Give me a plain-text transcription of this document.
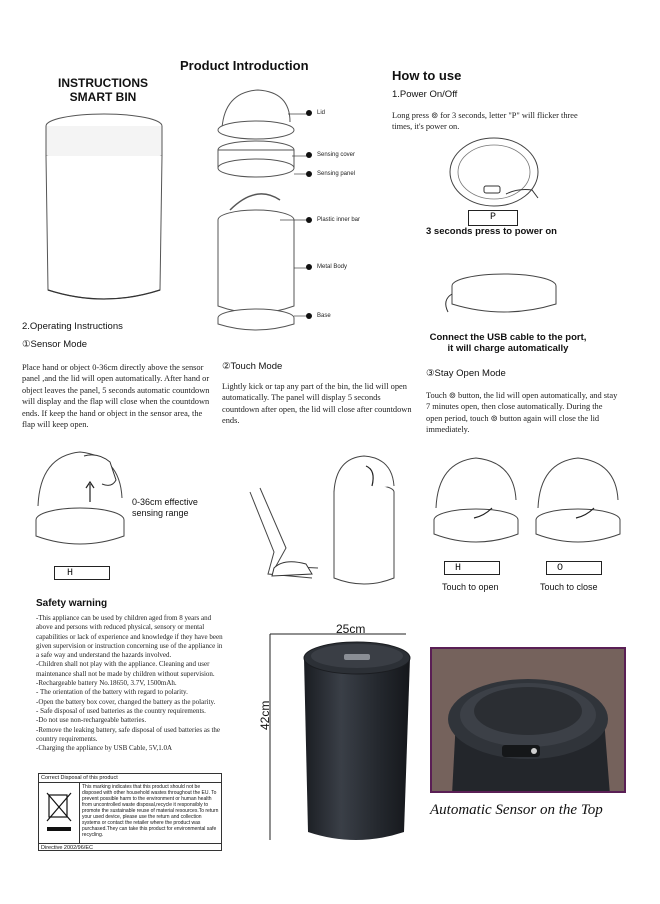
INSTRUCTIONS
SMART BIN
Product Introduction
Lid
Sensing cover
Sensing panel
Plastic inner bar
Metal Body
Base
How to use
1.Power On/Off
Long press ⊚ for 3 seconds, letter "P" will flicker three times, it's power on.
P
3 seconds press to power on
Connect the USB cable to the port, it will charge automatically
2.Operating Instructions
①Sensor Mode
Place hand or object 0-36cm directly above the sensor panel ,and the lid will open automatically. After hand or object leaves the panel, 5 seconds automatic countdown will display and the flap will close when the countdown ends. If keep the hand or object in the sensor area, the flap will keep open.
②Touch Mode
Lightly kick or tap any part of the bin, the lid will open automatically. The panel will display 5 seconds countdown after open, the lid will close after countdown ends.
③Stay Open Mode
Touch ⊚ button, the lid will open automatically, and stay 7 minutes open, then close automatically. During the open period, touch ⊚ button again will close the lid immediately.
0-36cm effective sensing range
H	H	O
Touch to open	Touch to close
Safety warning
-This appliance can be used by children aged from 8 years and above and persons with reduced physical, sensory or mental capabilities or lack of experience and knowledge if they have been given supervision or instruction concerning use of the appliance in a safe way and understand the hazards involved.
-Children shall not play with the appliance. Cleaning and user maintenance shall not be made by children without supervision.
-Rechargeable battery No.18650, 3.7V, 1500mAh.
- The orientation of the battery with regard to polarity.
-Open the battery box cover, changed the battery as the polarity.
- Safe disposal of used batteries as the country requirements.
-Do not use non-rechargeable batteries.
-Remove the leaking battery, safe disposal of used batteries as the country requirements.
-Charging the appliance by USB Cable, 5V,1.0A
Correct Disposal of this product
This marking indicates that this product should not be disposed with other household wastes throughout the EU. To prevent possible harm to the environment or human health from uncontrolled waste disposal,recycle it responsibly to promote the sustainable reuse of material resources.To return your used device, please use the return and collection systems or contact the retailer where the product was purchased.They can take this product for environmental safe recycling.
Directive 2002/96/EC
25cm
42cm
Automatic Sensor on the Top
